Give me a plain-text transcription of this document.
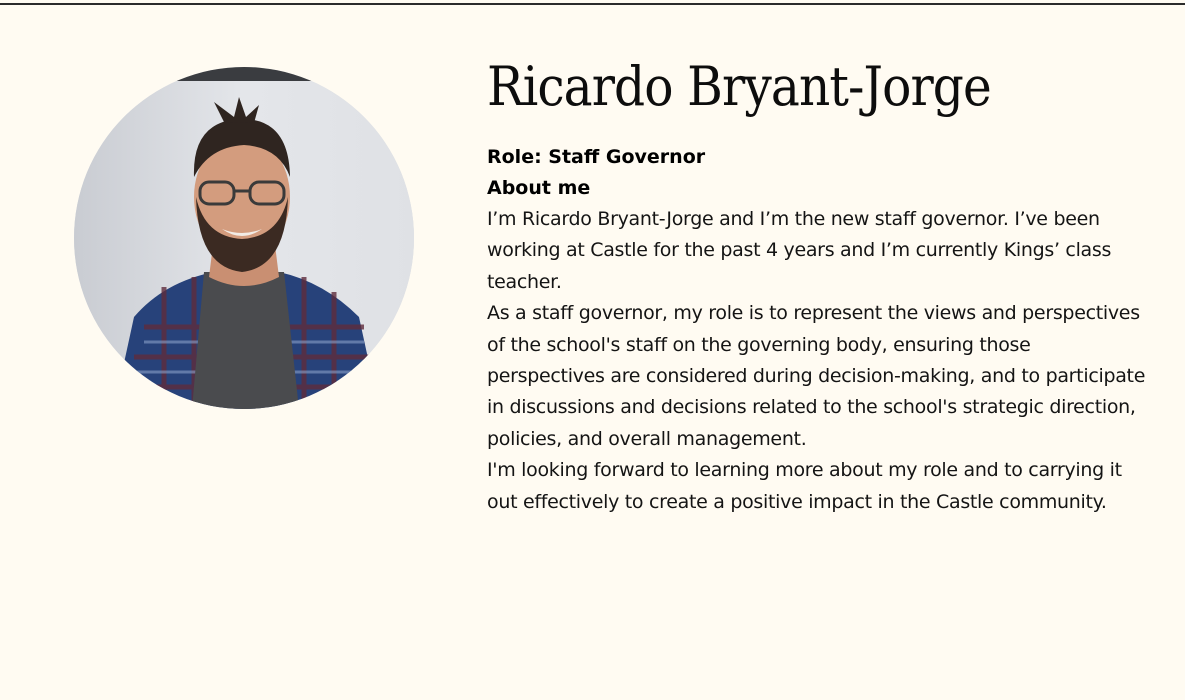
Ricardo Bryant-Jorge
Role: Staff Governor
About me

I’m Ricardo Bryant-Jorge and I’m the new staff governor. I’ve been working at Castle for the past 4 years and I’m currently Kings’ class teacher.

As a staff governor, my role is to represent the views and perspectives of the school's staff on the governing body, ensuring those perspectives are considered during decision-making, and to participate in discussions and decisions related to the school's strategic direction, policies, and overall management.

I'm looking forward to learning more about my role and to carrying it out effectively to create a positive impact in the Castle community.
